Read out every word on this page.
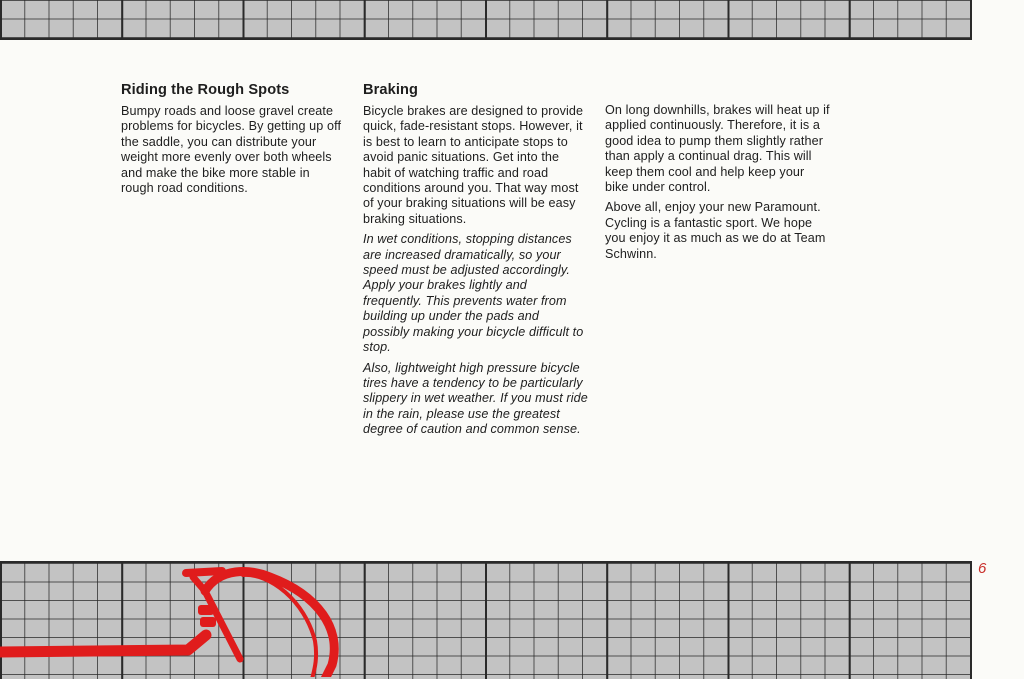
Riding the Rough Spots

Bumpy roads and loose gravel create problems for bicycles. By getting up off the saddle, you can distribute your weight more evenly over both wheels and make the bike more stable in rough road conditions.

Braking

Bicycle brakes are designed to provide quick, fade-resistant stops. However, it is best to learn to anticipate stops to avoid panic situations. Get into the habit of watching traffic and road conditions around you. That way most of your braking situations will be easy braking situations.

In wet conditions, stopping distances are increased dramatically, so your speed must be adjusted accordingly. Apply your brakes lightly and frequently. This prevents water from building up under the pads and possibly making your bicycle difficult to stop.

Also, lightweight high pressure bicycle tires have a tendency to be particularly slippery in wet weather. If you must ride in the rain, please use the greatest degree of caution and common sense.

On long downhills, brakes will heat up if applied continuously. Therefore, it is a good idea to pump them slightly rather than apply a continual drag. This will keep them cool and help keep your bike under control.

Above all, enjoy your new Paramount. Cycling is a fantastic sport. We hope you enjoy it as much as we do at Team Schwinn.

6
